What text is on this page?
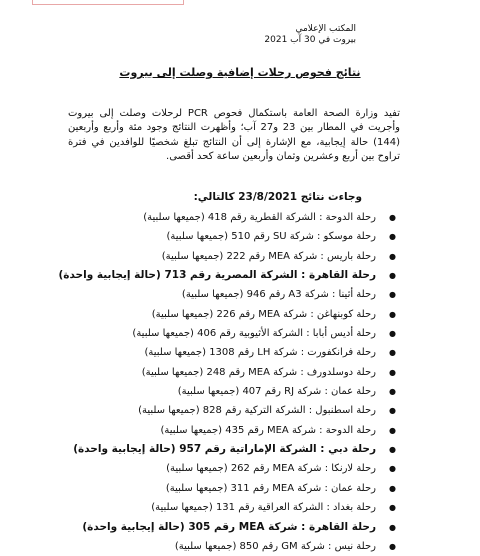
المكتب الإعلامي
بيروت في 30 آب 2021
نتائج فحوص رحلات إضافية وصلت إلى بيروت
تفيد وزارة الصحة العامة باستكمال فحوص PCR لرحلات وصلت إلى بيروت وأجريت في المطار بين 23 و27 آب؛ وأظهرت النتائج وجود مئة وأربع وأربعين (144) حالة إيجابية، مع الإشارة إلى أن النتائج تبلغ شخصيًا للوافدين في فترة تراوح بين أربع وعشرين وثمان وأربعين ساعة كحد أقصى.
وجاءت نتائج 23/8/2021 كالتالي:
●
رحلة الدوحة : الشركة القطرية رقم 418 (جميعها سلبية)
●
رحلة موسكو : شركة SU رقم 510 (جميعها سلبية)
●
رحلة باريس : شركة MEA رقم 222 (جميعها سلبية)
●
رحلة القاهرة : الشركة المصرية رقم 713 (حالة إيجابية واحدة)
●
رحلة أثينا : شركة A3 رقم 946 (جميعها سلبية)
●
رحلة كوبنهاغن : شركة MEA رقم 226 (جميعها سلبية)
●
رحلة أديس أبابا : الشركة الأثيوبية رقم 406 (جميعها سلبية)
●
رحلة فرانكفورت : شركة LH رقم 1308 (جميعها سلبية)
●
رحلة دوسلدورف : شركة MEA رقم 248 (جميعها سلبية)
●
رحلة عمان : شركة RJ رقم 407 (جميعها سلبية)
●
رحلة اسطنبول : الشركة التركية رقم 828 (جميعها سلبية)
●
رحلة الدوحة : شركة MEA رقم 435 (جميعها سلبية)
●
رحلة دبي : الشركة الإماراتية رقم 957 (حالة إيجابية واحدة)
●
رحلة لارنكا : شركة MEA رقم 262 (جميعها سلبية)
●
رحلة عمان : شركة MEA رقم 311 (جميعها سلبية)
●
رحلة بغداد : الشركة العراقية رقم 131 (جميعها سلبية)
●
رحلة القاهرة : شركة MEA رقم 305 (حالة إيجابية واحدة)
●
رحلة نيس : شركة GM رقم 850 (جميعها سلبية)
